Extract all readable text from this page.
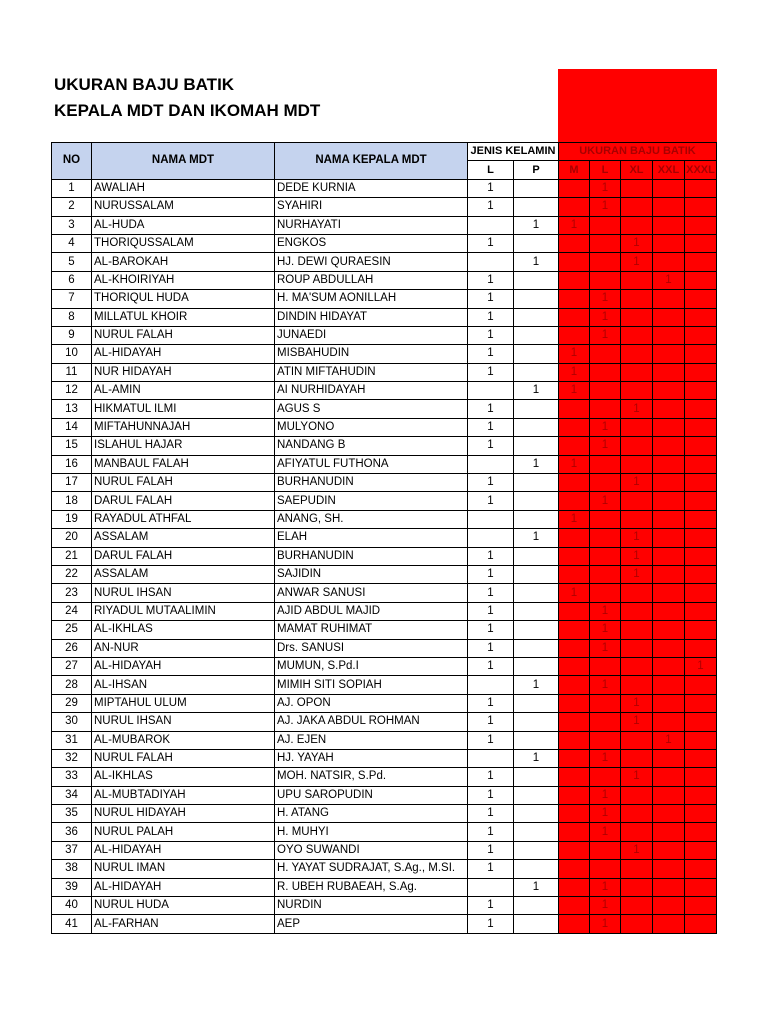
UKURAN BAJU BATIK
KEPALA MDT DAN IKOMAH MDT
NO	NAMA MDT	NAMA KEPALA MDT	JENIS KELAMIN		UKURAN BAJU BATIK				
			L	P	M	L	XL	XXL	XXXL
1	AWALIAH	DEDE KURNIA	1			1			
2	NURUSSALAM	SYAHIRI	1			1			
3	AL-HUDA	NURHAYATI		1	1				
4	THORIQUSSALAM	ENGKOS	1				1		
5	AL-BAROKAH	HJ. DEWI QURAESIN		1			1		
6	AL-KHOIRIYAH	ROUP ABDULLAH	1					1	
7	THORIQUL HUDA	H. MA'SUM AONILLAH	1			1			
8	MILLATUL KHOIR	DINDIN HIDAYAT	1			1			
9	NURUL FALAH	JUNAEDI	1			1			
10	AL-HIDAYAH	MISBAHUDIN	1		1				
11	NUR HIDAYAH	ATIN MIFTAHUDIN	1		1				
12	AL-AMIN	AI NURHIDAYAH		1	1				
13	HIKMATUL ILMI	AGUS S	1				1		
14	MIFTAHUNNAJAH	MULYONO	1			1			
15	ISLAHUL HAJAR	NANDANG B	1			1			
16	MANBAUL FALAH	AFIYATUL FUTHONA		1	1				
17	NURUL FALAH	BURHANUDIN	1				1		
18	DARUL FALAH	SAEPUDIN	1			1			
19	RAYADUL ATHFAL	ANANG, SH.			1				
20	ASSALAM	ELAH		1			1		
21	DARUL FALAH	BURHANUDIN	1				1		
22	ASSALAM	SAJIDIN	1				1		
23	NURUL IHSAN	ANWAR SANUSI	1		1				
24	RIYADUL MUTAALIMIN	AJID ABDUL MAJID	1			1			
25	AL-IKHLAS	MAMAT RUHIMAT	1			1			
26	AN-NUR	Drs. SANUSI	1			1			
27	AL-HIDAYAH	MUMUN, S.Pd.I	1						1
28	AL-IHSAN	MIMIH SITI SOPIAH		1		1			
29	MIPTAHUL ULUM	AJ. OPON	1				1		
30	NURUL IHSAN	AJ. JAKA ABDUL ROHMAN	1				1		
31	AL-MUBAROK	AJ. EJEN	1					1	
32	NURUL FALAH	HJ. YAYAH		1		1			
33	AL-IKHLAS	MOH. NATSIR, S.Pd.	1				1		
34	AL-MUBTADIYAH	UPU SAROPUDIN	1			1			
35	NURUL HIDAYAH	H. ATANG	1			1			
36	NURUL PALAH	H. MUHYI	1			1			
37	AL-HIDAYAH	OYO SUWANDI	1				1		
38	NURUL IMAN	H. YAYAT SUDRAJAT, S.Ag., M.SI.	1						
39	AL-HIDAYAH	R. UBEH RUBAEAH, S.Ag.		1		1			
40	NURUL HUDA	NURDIN	1			1			
41	AL-FARHAN	AEP	1			1			
